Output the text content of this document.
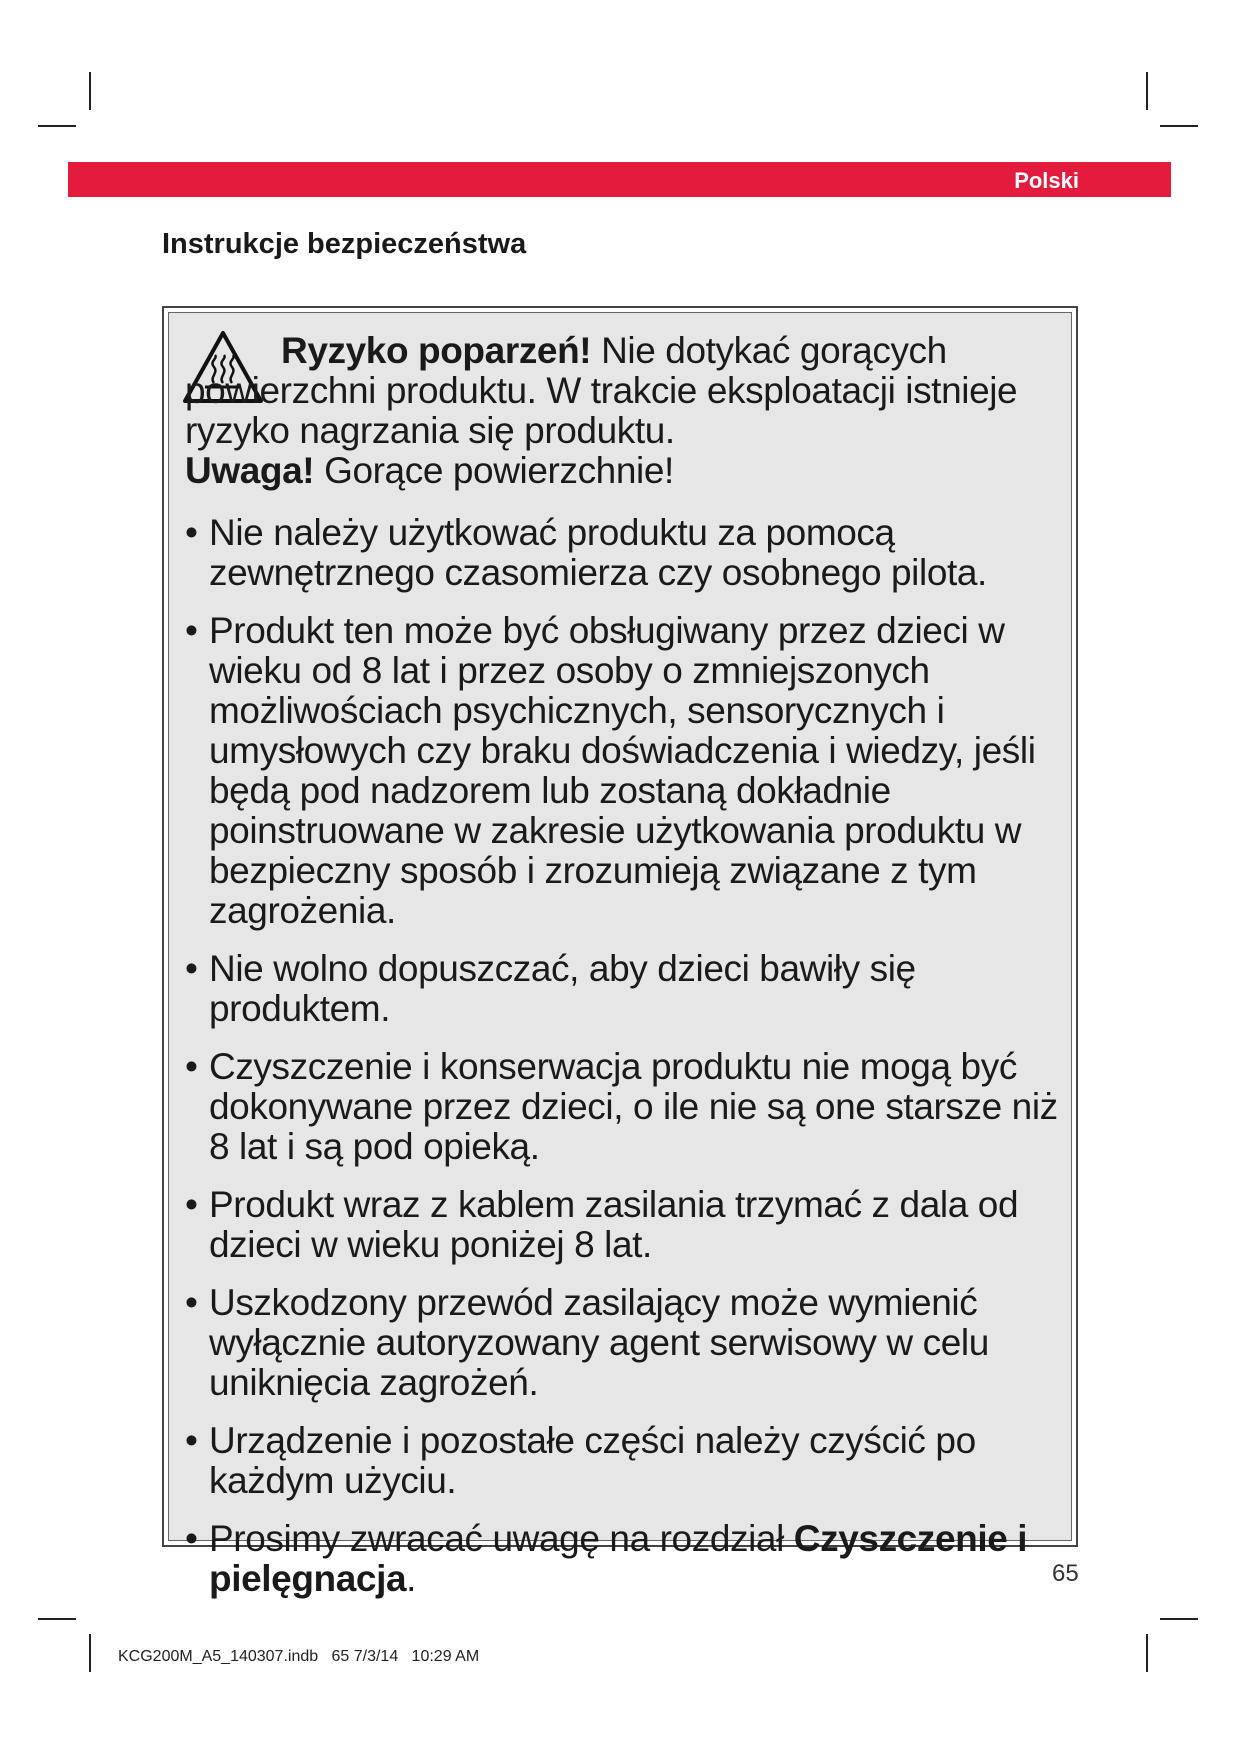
Polski
Instrukcje bezpieczeństwa

Ryzyko poparzeń! Nie dotykać gorących powierzchni produktu. W trakcie eksploatacji istnieje ryzyko nagrzania się produktu.
Uwaga! Gorące powierzchnie!

• Nie należy użytkować produktu za pomocą zewnętrznego czasomierza czy osobnego pilota.
• Produkt ten może być obsługiwany przez dzieci w wieku od 8 lat i przez osoby o zmniejszonych możliwościach psychicznych, sensorycznych i umysłowych czy braku doświadczenia i wiedzy, jeśli będą pod nadzorem lub zostaną dokładnie poinstruowane w zakresie użytkowania produktu w bezpieczny sposób i zrozumieją związane z tym zagrożenia.
• Nie wolno dopuszczać, aby dzieci bawiły się produktem.
• Czyszczenie i konserwacja produktu nie mogą być dokonywane przez dzieci, o ile nie są one starsze niż 8 lat i są pod opieką.
• Produkt wraz z kablem zasilania trzymać z dala od dzieci w wieku poniżej 8 lat.
• Uszkodzony przewód zasilający może wymienić wyłącznie autoryzowany agent serwisowy w celu uniknięcia zagrożeń.
• Urządzenie i pozostałe części należy czyścić po każdym użyciu.
• Prosimy zwracać uwagę na rozdział Czyszczenie i pielęgnacja.	65
KCG200M_A5_140307.indb   65 7/3/14   10:29 AM
